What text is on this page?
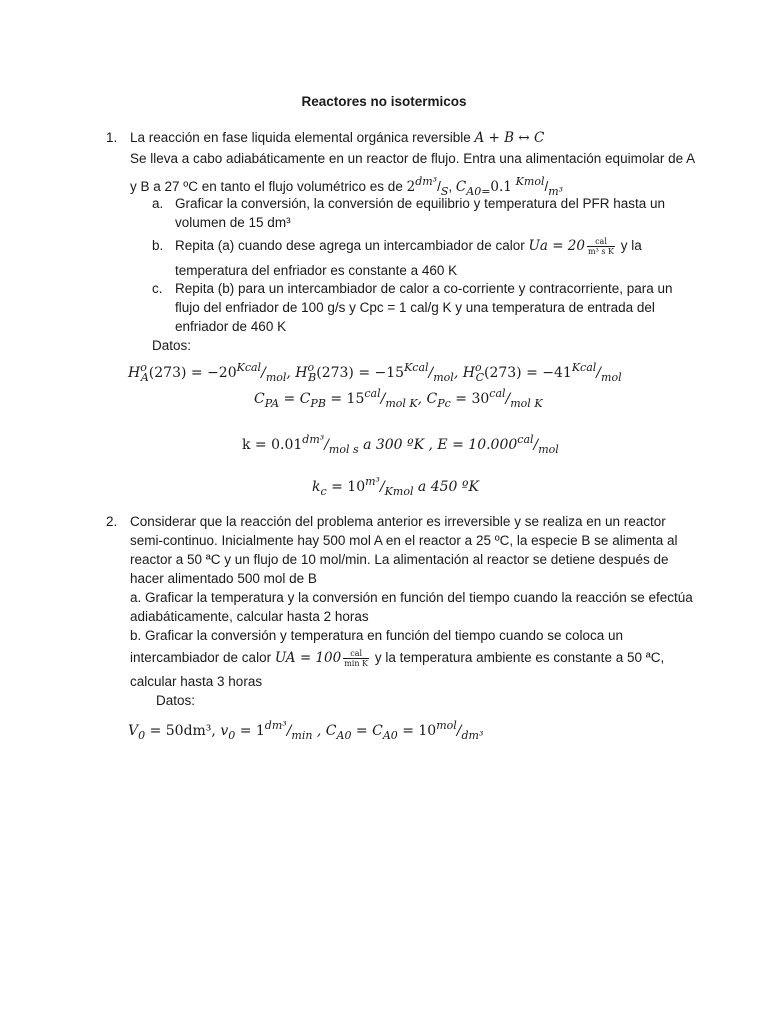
Reactores no isotermicos
1. La reacción en fase liquida elemental orgánica reversible A + B ↔ C
Se lleva a cabo adiabáticamente en un reactor de flujo. Entra una alimentación equimolar de A
y B a 27 ºC en tanto el flujo volumétrico es de $2^{dm^3}/_S$, $C_{A0=}0.1$ $^{Kmol}/_{m^3}$
a. Graficar la conversión, la conversión de equilibrio y temperatura del PFR hasta un
volumen de 15 dm³
b. Repita (a) cuando dese agrega un intercambiador de calor $Ua = 20 \frac{\text{cal}}{\text{m³ s K}}$ y la
temperatura del enfriador es constante a 460 K
c. Repita (b) para un intercambiador de calor a co-corriente y contracorriente, para un
flujo del enfriador de 100 g/s y Cpc = 1 cal/g K y una temperatura de entrada del
enfriador de 460 K
Datos:
$H^o_A(273) = -20^{Kcal}/_{mol}$, $H^o_B(273) = -15^{Kcal}/_{mol}$, $H^o_C(273) = -41^{Kcal}/_{mol}$
$C_{PA} = C_{PB} = 15^{cal}/_{mol K}$, $C_{Pc} = 30^{cal}/_{mol K}$
$k = 0.01^{dm^3}/_{mol s}$ a 300 ºK , $E = 10.000^{cal}/_{mol}$
$k_c = 10^{m^3}/_{Kmol}$ a 450 ºK
2. Considerar que la reacción del problema anterior es irreversible y se realiza en un reactor
semi-continuo. Inicialmente hay 500 mol A en el reactor a 25 ºC, la especie B se alimenta al
reactor a 50 ªC y un flujo de 10 mol/min. La alimentación al reactor se detiene después de
hacer alimentado 500 mol de B
a. Graficar la temperatura y la conversión en función del tiempo cuando la reacción se efectúa
adiabáticamente, calcular hasta 2 horas
b. Graficar la conversión y temperatura en función del tiempo cuando se coloca un
intercambiador de calor UA = $100 \frac{\text{cal}}{\text{min K}}$ y la temperatura ambiente es constante a 50 ªC,
calcular hasta 3 horas
Datos:
$V_0 = 50dm^3$, $v_0 = 1^{dm^3}/_{min}$ , $C_{A0} = C_{A0} = 10^{mol}/_{dm^3}$
